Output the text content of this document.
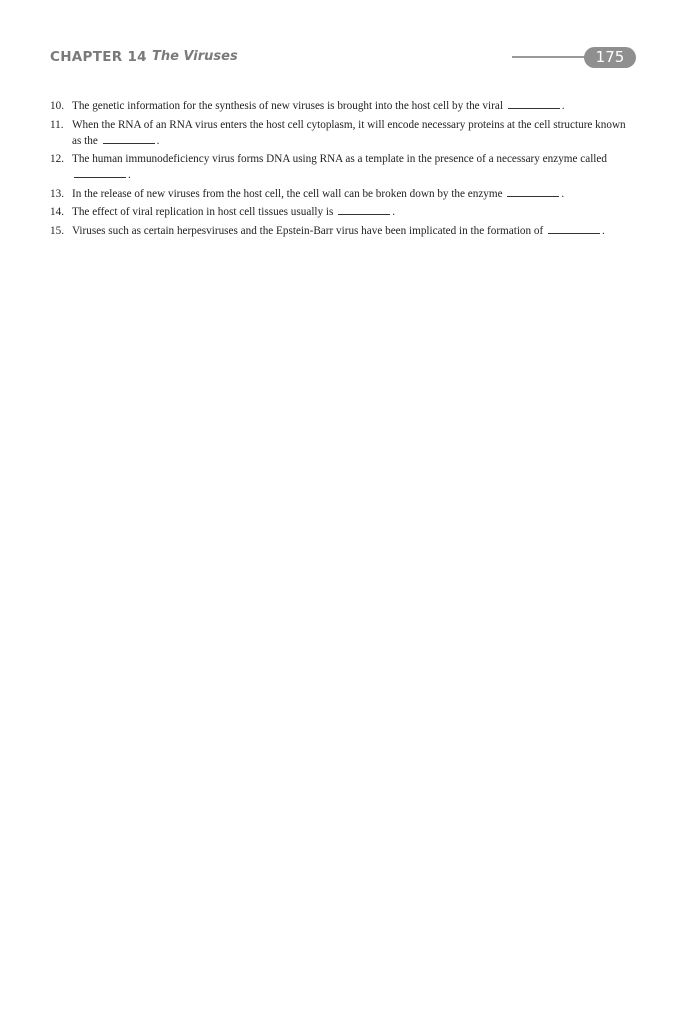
CHAPTER 14 The Viruses	175
10. The genetic information for the synthesis of new viruses is brought into the host cell by the viral	.
11. When the RNA of an RNA virus enters the host cell cytoplasm, it will encode necessary proteins at the cell structure known as the	.
12. The human immunodeficiency virus forms DNA using RNA as a template in the presence of a necessary enzyme called .
13. In the release of new viruses from the host cell, the cell wall can be broken down by the enzyme	.
14. The effect of viral replication in host cell tissues usually is	.
15. Viruses such as certain herpesviruses and the Epstein-Barr virus have been implicated in the formation of	.
